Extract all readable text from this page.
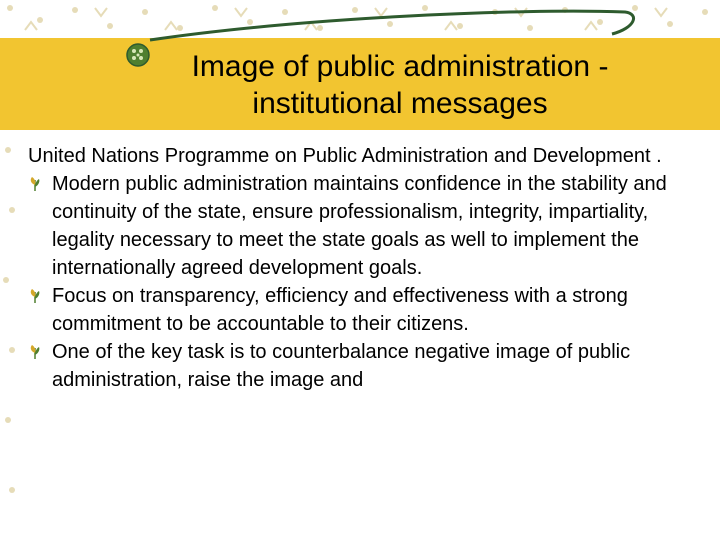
Image of public administration - institutional messages

United Nations Programme on Public Administration and Development .

Modern public administration maintains confidence in the stability and continuity of the state, ensure professionalism, integrity, impartiality, legality necessary to meet the state goals as well to implement the internationally agreed development goals.
Focus on transparency, efficiency and effectiveness with a strong commitment to be accountable to their citizens.
One of the key task is to counterbalance negative image of public administration, raise the image and
